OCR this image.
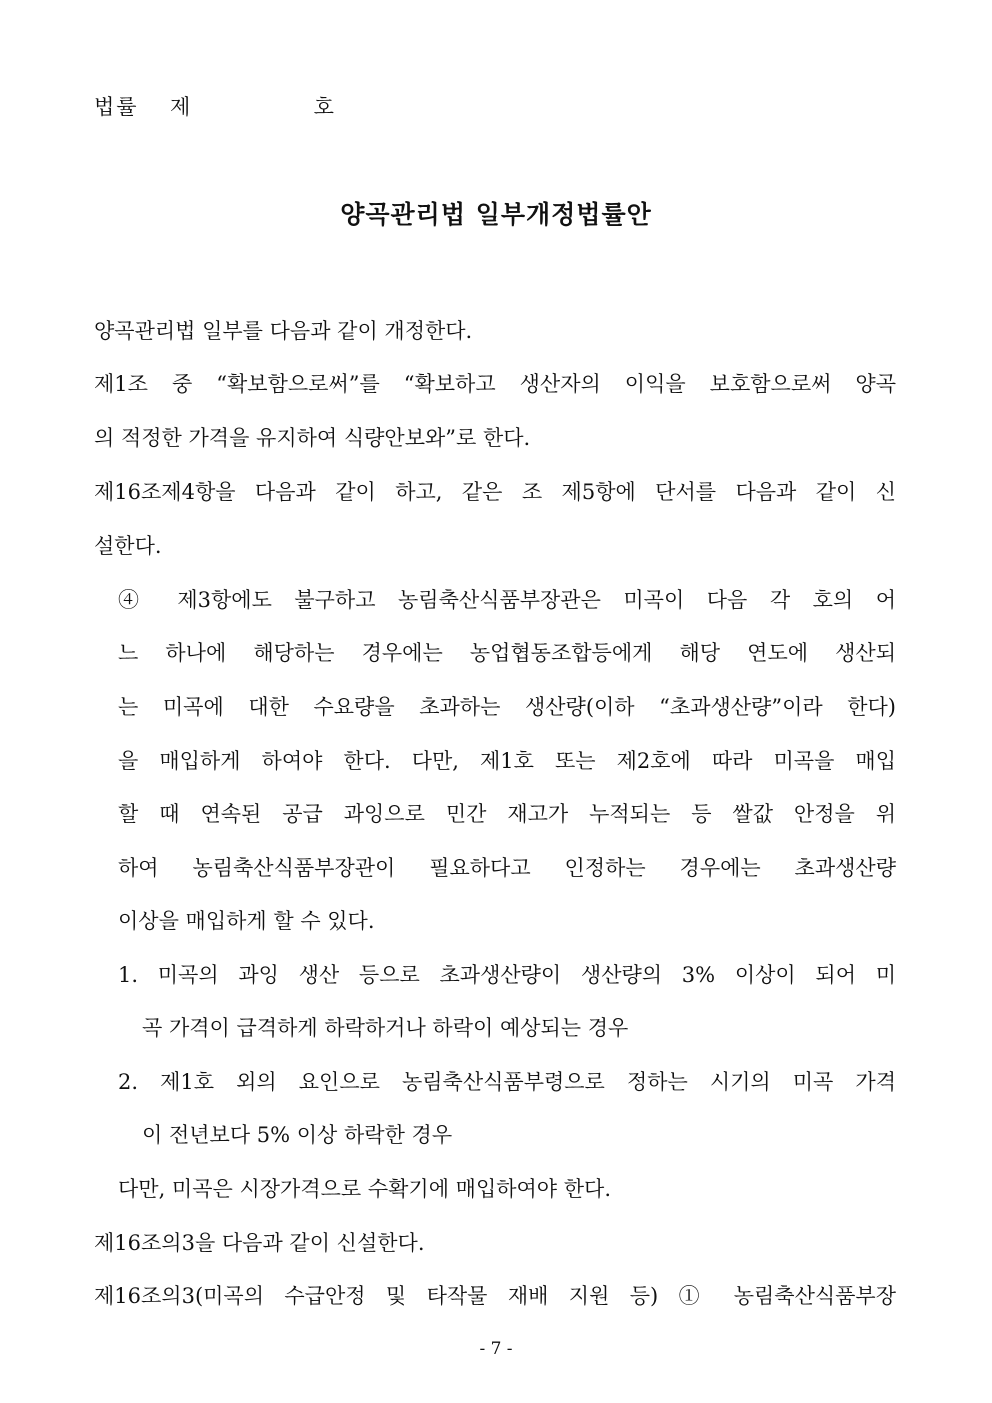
법률 제	호
양곡관리법 일부개정법률안
양곡관리법 일부를 다음과 같이 개정한다.
제1조 중 “확보함으로써”를 “확보하고 생산자의 이익을 보호함으로써 양곡
의 적정한 가격을 유지하여 식량안보와”로 한다.
제16조제4항을 다음과 같이 하고, 같은 조 제5항에 단서를 다음과 같이 신
설한다.
④ 제3항에도 불구하고 농림축산식품부장관은 미곡이 다음 각 호의 어
느 하나에 해당하는 경우에는 농업협동조합등에게 해당 연도에 생산되
는 미곡에 대한 수요량을 초과하는 생산량(이하 “초과생산량”이라 한다)
을 매입하게 하여야 한다. 다만, 제1호 또는 제2호에 따라 미곡을 매입
할 때 연속된 공급 과잉으로 민간 재고가 누적되는 등 쌀값 안정을 위
하여 농림축산식품부장관이 필요하다고 인정하는 경우에는 초과생산량
이상을 매입하게 할 수 있다.
1. 미곡의 과잉 생산 등으로 초과생산량이 생산량의 3% 이상이 되어 미
곡 가격이 급격하게 하락하거나 하락이 예상되는 경우
2. 제1호 외의 요인으로 농림축산식품부령으로 정하는 시기의 미곡 가격
이 전년보다 5% 이상 하락한 경우
다만, 미곡은 시장가격으로 수확기에 매입하여야 한다.
제16조의3을 다음과 같이 신설한다.
제16조의3(미곡의 수급안정 및 타작물 재배 지원 등) ① 농림축산식품부장
- 7 -
